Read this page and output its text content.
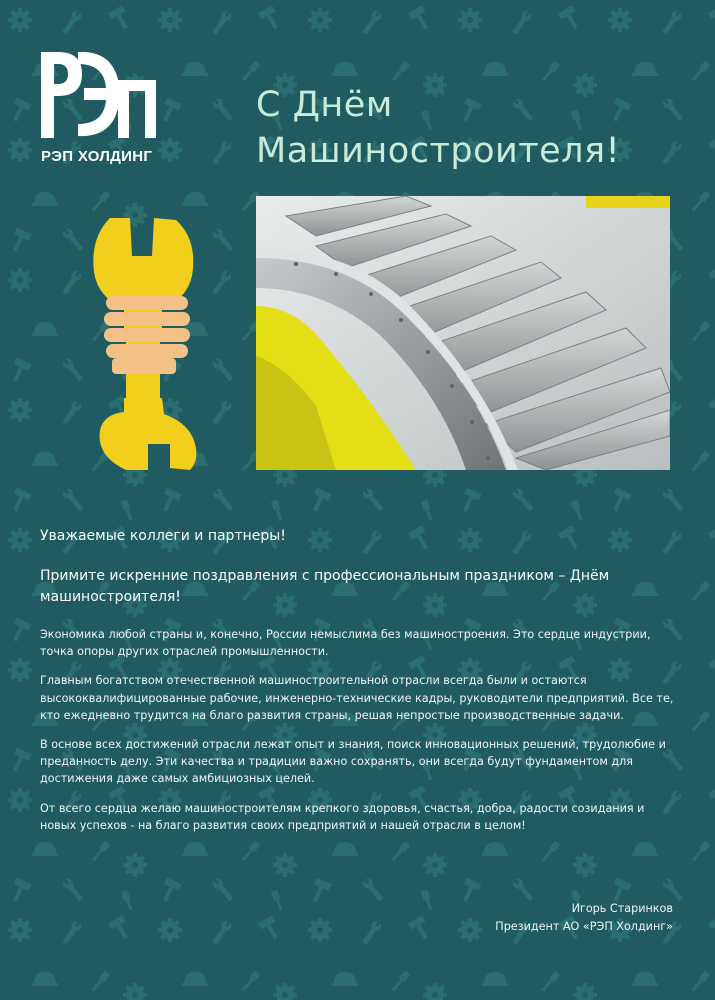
РЭП ХОЛДИНГ
С Днём
Машиностроителя!
Уважаемые коллеги и партнеры!
Примите искренние поздравления с профессиональным праздником – Днём машиностроителя!

Экономика любой страны и, конечно, России немыслима без машиностроения. Это сердце индустрии, точка опоры других отраслей промышленности.

Главным богатством отечественной машиностроительной отрасли всегда были и остаются высококвалифицированные рабочие, инженерно-технические кадры, руководители предприятий. Все те, кто ежедневно трудится на благо развития страны, решая непростые производственные задачи.

В основе всех достижений отрасли лежат опыт и знания, поиск инновационных решений, трудолюбие и преданность делу. Эти качества и традиции важно сохранять, они всегда будут фундаментом для достижения даже самых амбициозных целей.

От всего сердца желаю машиностроителям крепкого здоровья, счастья, добра, радости созидания и новых успехов - на благо развития своих предприятий и нашей отрасли в целом!

Игорь Старинков
Президент АО «РЭП Холдинг»
